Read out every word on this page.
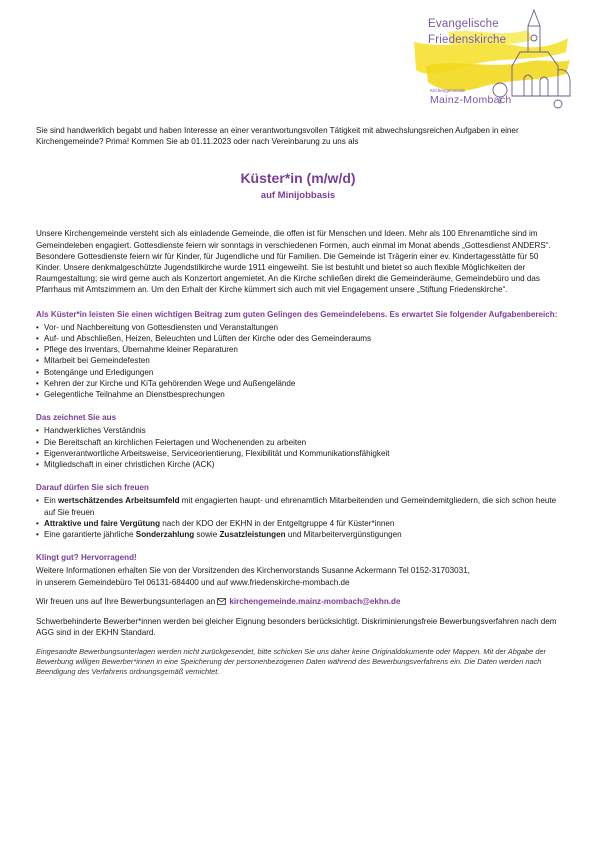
Evangelische
Friedenskirche
Kirchengemeinde
Mainz-Mombach

Sie sind handwerklich begabt und haben Interesse an einer verantwortungsvollen Tätigkeit mit abwechslungsreichen Aufgaben in einer Kirchengemeinde? Prima! Kommen Sie ab 01.11.2023 oder nach Vereinbarung zu uns als

Küster*in (m/w/d)
auf Minijobbasis

Unsere Kirchengemeinde versteht sich als einladende Gemeinde, die offen ist für Menschen und Ideen. Mehr als 100 Ehrenamtliche sind im Gemeindeleben engagiert. Gottesdienste feiern wir sonntags in verschiedenen Formen, auch einmal im Monat abends „Gottesdienst ANDERS“. Besondere Gottesdienste feiern wir für Kinder, für Jugendliche und für Familien. Die Gemeinde ist Trägerin einer ev. Kindertagesstätte für 50 Kinder. Unsere denkmalgeschützte Jugendstilkirche wurde 1911 eingeweiht. Sie ist bestuhlt und bietet so auch flexible Möglichkeiten der Raumgestaltung; sie wird gerne auch als Konzertort angemietet. An die Kirche schließen direkt die Gemeinderäume, Gemeindebüro und das Pfarrhaus mit Amtszimmern an. Um den Erhalt der Kirche kümmert sich auch mit viel Engagement unsere „Stiftung Friedenskirche“.

Als Küster*in leisten Sie einen wichtigen Beitrag zum guten Gelingen des Gemeindelebens. Es erwartet Sie folgender Aufgabenbereich:
• Vor- und Nachbereitung von Gottesdiensten und Veranstaltungen
• Auf- und Abschließen, Heizen, Beleuchten und Lüften der Kirche oder des Gemeinderaums
• Pflege des Inventars, Übernahme kleiner Reparaturen
• Mitarbeit bei Gemeindefesten
• Botengänge und Erledigungen
• Kehren der zur Kirche und KiTa gehörenden Wege und Außengelände
• Gelegentliche Teilnahme an Dienstbesprechungen
Das zeichnet Sie aus
• Handwerkliches Verständnis
• Die Bereitschaft an kirchlichen Feiertagen und Wochenenden zu arbeiten
• Eigenverantwortliche Arbeitsweise, Serviceorientierung, Flexibilität und Kommunikationsfähigkeit
• Mitgliedschaft in einer christlichen Kirche (ACK)
Darauf dürfen Sie sich freuen
• Ein wertschätzendes Arbeitsumfeld mit engagierten haupt- und ehrenamtlich Mitarbeitenden und Gemeindemitgliedern, die sich schon heute auf Sie freuen
• Attraktive und faire Vergütung nach der KDO der EKHN in der Entgeltgruppe 4 für Küster*innen
• Eine garantierte jährliche Sonderzahlung sowie Zusatzleistungen und Mitarbeitervergünstigungen
Klingt gut? Hervorragend!

Weitere Informationen erhalten Sie von der Vorsitzenden des Kirchenvorstands Susanne Ackermann Tel 0152-31703031,

in unserem Gemeindebüro Tel 06131-684400 und auf www.friedenskirche-mombach.de

Wir freuen uns auf Ihre Bewerbungsunterlagen an kirchengemeinde.mainz-mombach@ekhn.de

Schwerbehinderte Bewerber*innen werden bei gleicher Eignung besonders berücksichtigt. Diskriminierungsfreie Bewerbungsverfahren nach dem AGG sind in der EKHN Standard.

Eingesandte Bewerbungsunterlagen werden nicht zurückgesendet, bitte schicken Sie uns daher keine Originaldokumente oder Mappen. Mit der Abgabe der Bewerbung willigen Bewerber*innen in eine Speicherung der personenbezogenen Daten während des Bewerbungsverfahrens ein. Die Daten werden nach Beendigung des Verfahrens ordnungsgemäß vernichtet.
